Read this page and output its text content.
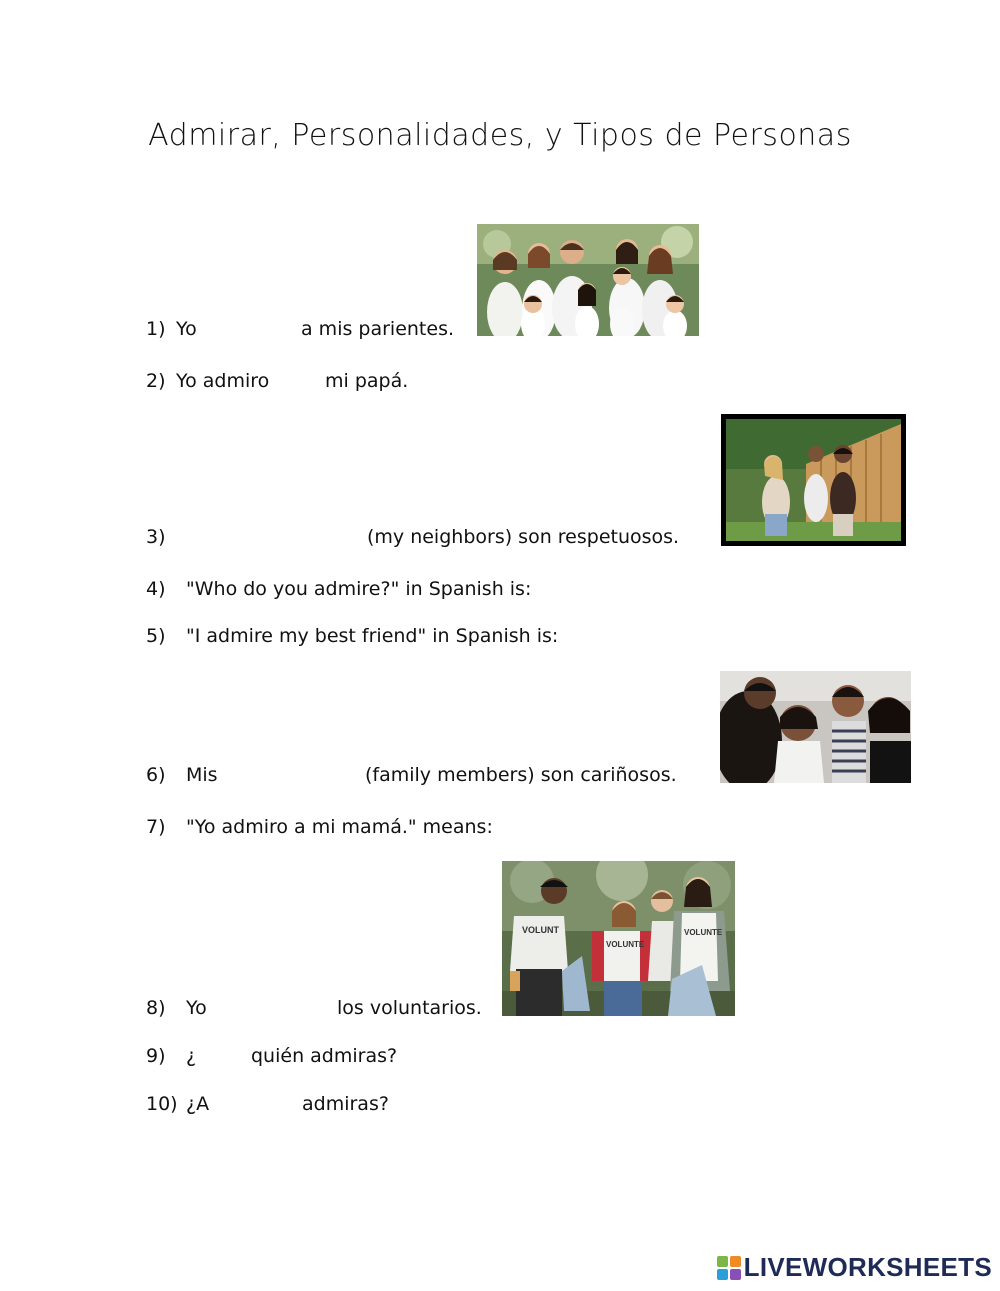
Admirar, Personalidades, y Tipos de Personas
VOLUNT
VOLUNTE
VOLUNTE
1) Yo	a mis parientes.
2) Yo admiro	mi papá.
3)	(my neighbors) son respetuosos.
4) "Who do you admire?" in Spanish is:
5) "I admire my best friend" in Spanish is:
6) Mis	(family members) son cariñosos.
7) "Yo admiro a mi mamá." means:
8) Yo	los voluntarios.
9) ¿	quién admiras?
10) ¿A	admiras?
LIVEWORKSHEETS
